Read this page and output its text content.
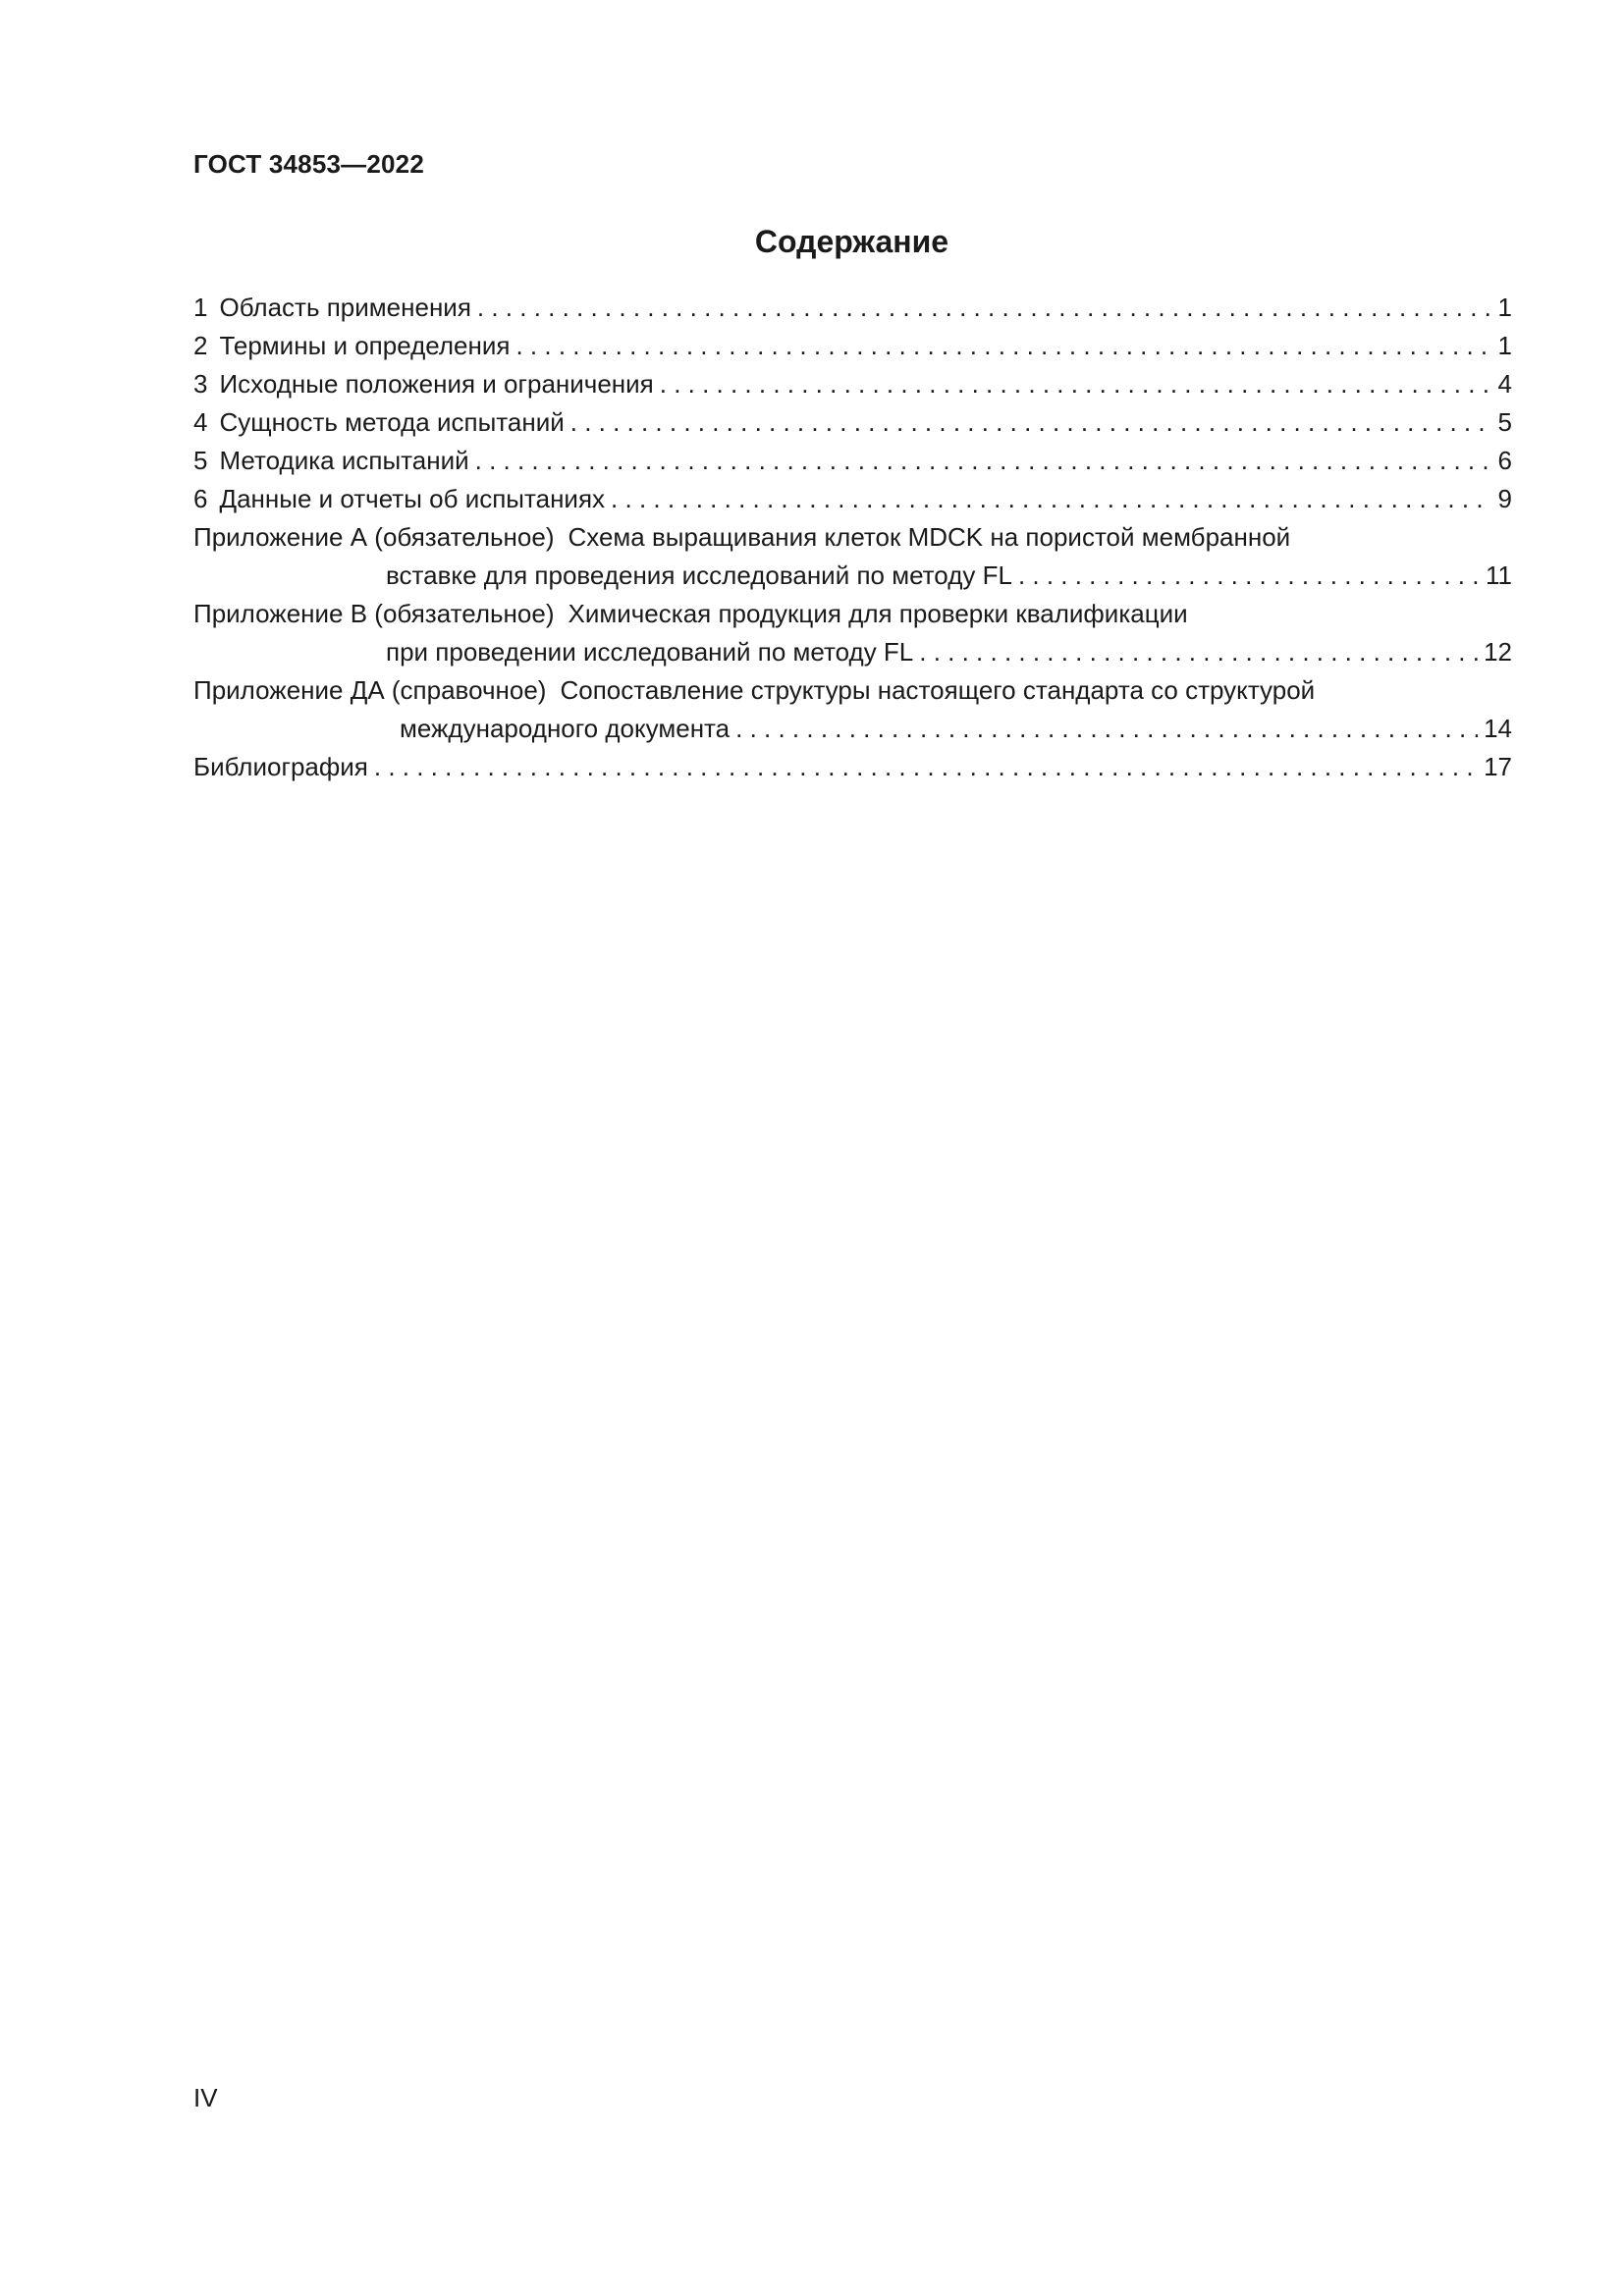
ГОСТ 34853—2022
Содержание
1 Область применения . . .	1
2 Термины и определения . . .	1
3 Исходные положения и ограничения . . .	4
4 Сущность метода испытаний . . .	5
5 Методика испытаний . . .	6
6 Данные и отчеты об испытаниях . . .	9
Приложение А (обязательное) Схема выращивания клеток MDCK на пористой мембранной
вставке для проведения исследований по методу FL . . .	11
Приложение В (обязательное) Химическая продукция для проверки квалификации
при проведении исследований по методу FL . . .	12
Приложение ДА (справочное) Сопоставление структуры настоящего стандарта со структурой
международного документа . . .	14
Библиография . . .	17
IV
